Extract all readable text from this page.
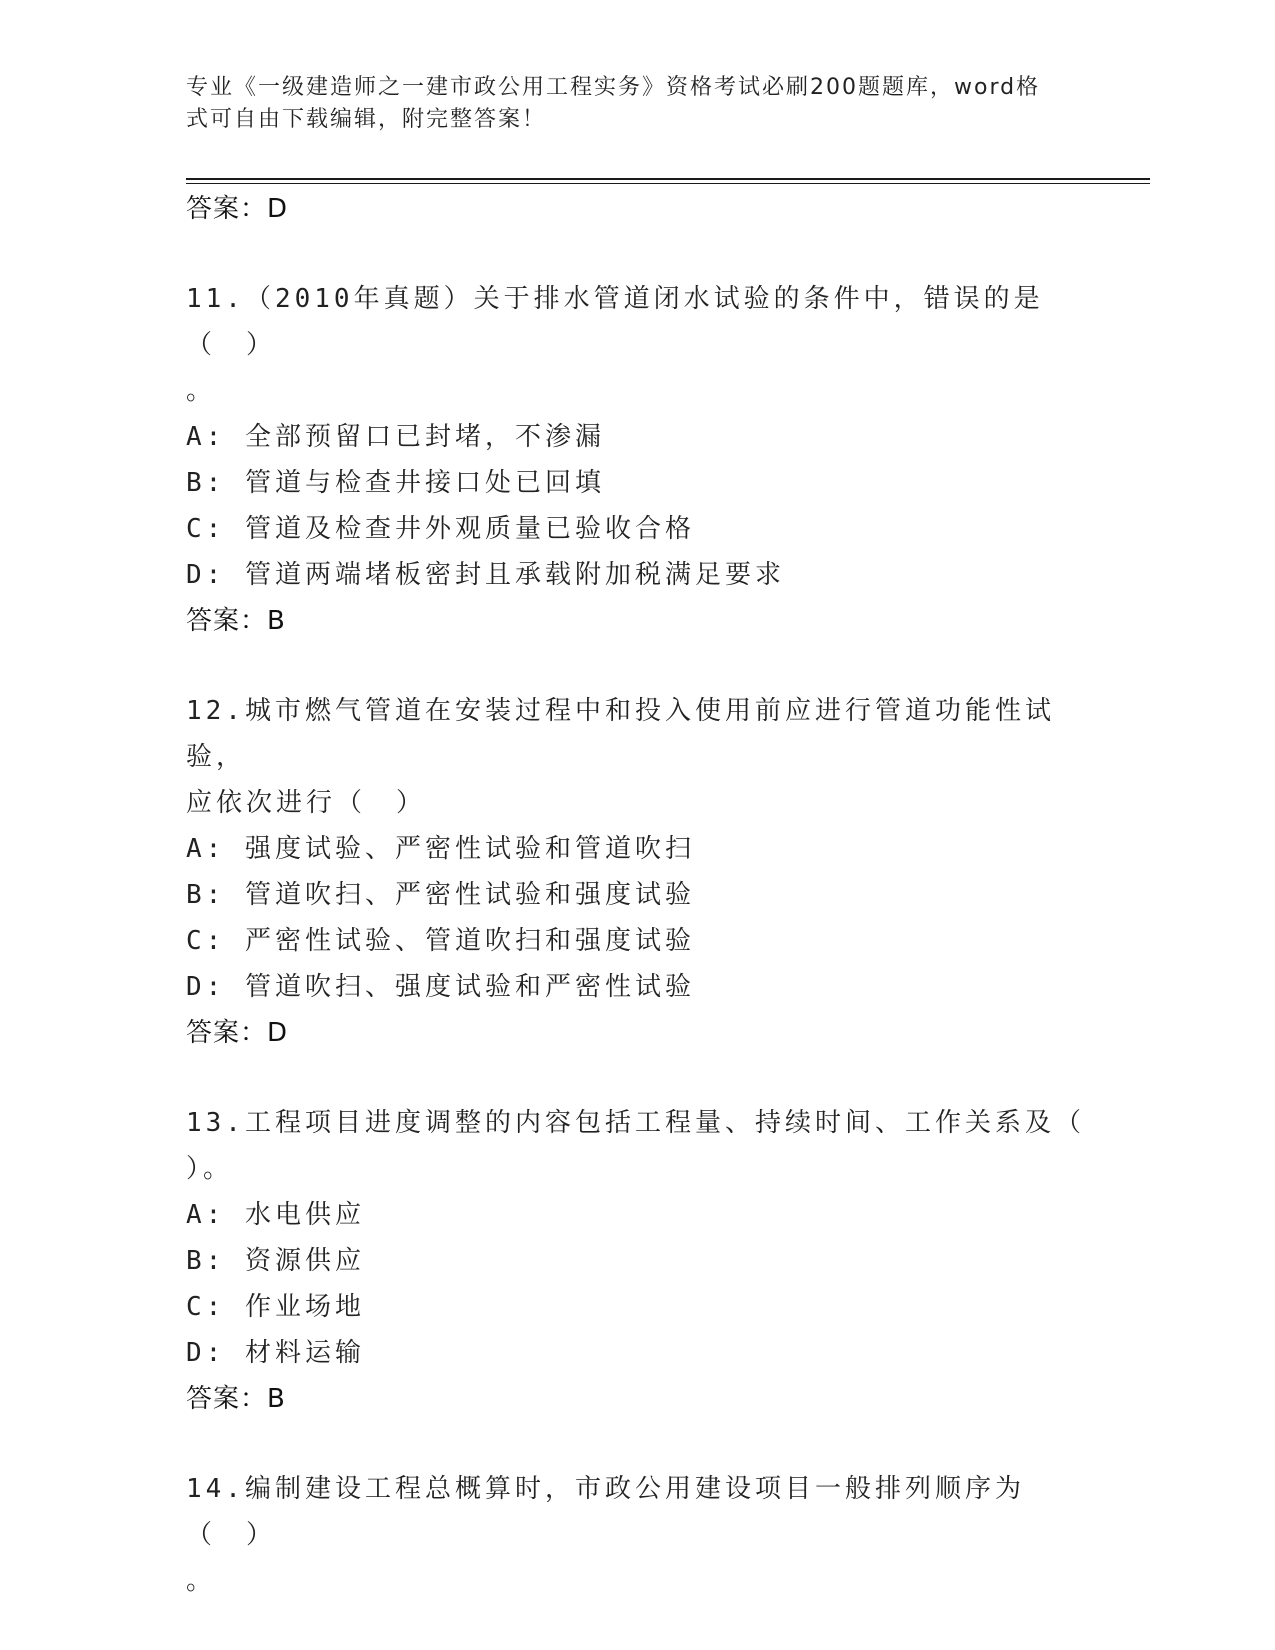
专业《一级建造师之一建市政公用工程实务》资格考试必刷200题题库，word格
式可自由下载编辑，附完整答案！
答案：D
11.（2010年真题）关于排水管道闭水试验的条件中，错误的是（　）
。
A: 全部预留口已封堵，不渗漏
B: 管道与检查井接口处已回填
C: 管道及检查井外观质量已验收合格
D: 管道两端堵板密封且承载附加税满足要求
答案：B
12.城市燃气管道在安装过程中和投入使用前应进行管道功能性试验，
应依次进行（　）
A: 强度试验、严密性试验和管道吹扫
B: 管道吹扫、严密性试验和强度试验
C: 严密性试验、管道吹扫和强度试验
D: 管道吹扫、强度试验和严密性试验
答案：D
13.工程项目进度调整的内容包括工程量、持续时间、工作关系及（
）。
A: 水电供应
B: 资源供应
C: 作业场地
D: 材料运输
答案：B
14.编制建设工程总概算时，市政公用建设项目一般排列顺序为（　）
。
